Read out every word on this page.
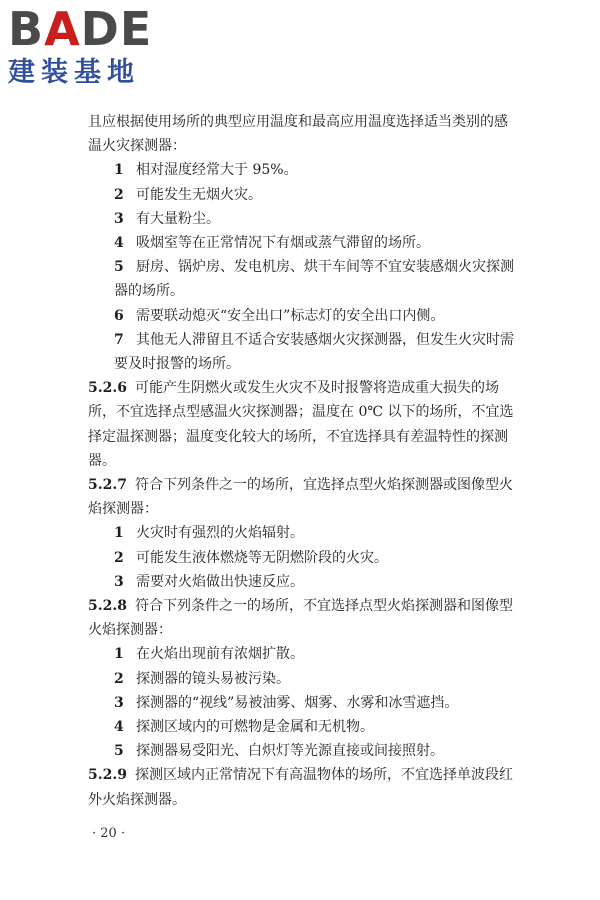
BADE
建装基地

且应根据使用场所的典型应用温度和最高应用温度选择适当类别的感温火灾探测器：

1 相对湿度经常大于 95%。

2 可能发生无烟火灾。

3 有大量粉尘。

4 吸烟室等在正常情况下有烟或蒸气滞留的场所。

5 厨房、锅炉房、发电机房、烘干车间等不宜安装感烟火灾探测器的场所。

6 需要联动熄灭“安全出口”标志灯的安全出口内侧。

7 其他无人滞留且不适合安装感烟火灾探测器，但发生火灾时需要及时报警的场所。

5.2.6 可能产生阴燃火或发生火灾不及时报警将造成重大损失的场所，不宜选择点型感温火灾探测器；温度在 0℃ 以下的场所，不宜选择定温探测器；温度变化较大的场所，不宜选择具有差温特性的探测器。

5.2.7 符合下列条件之一的场所，宜选择点型火焰探测器或图像型火焰探测器：

1 火灾时有强烈的火焰辐射。

2 可能发生液体燃烧等无阴燃阶段的火灾。

3 需要对火焰做出快速反应。

5.2.8 符合下列条件之一的场所，不宜选择点型火焰探测器和图像型火焰探测器：

1 在火焰出现前有浓烟扩散。

2 探测器的镜头易被污染。

3 探测器的“视线”易被油雾、烟雾、水雾和冰雪遮挡。

4 探测区域内的可燃物是金属和无机物。

5 探测器易受阳光、白炽灯等光源直接或间接照射。

5.2.9 探测区域内正常情况下有高温物体的场所，不宜选择单波段红外火焰探测器。

· 20 ·
